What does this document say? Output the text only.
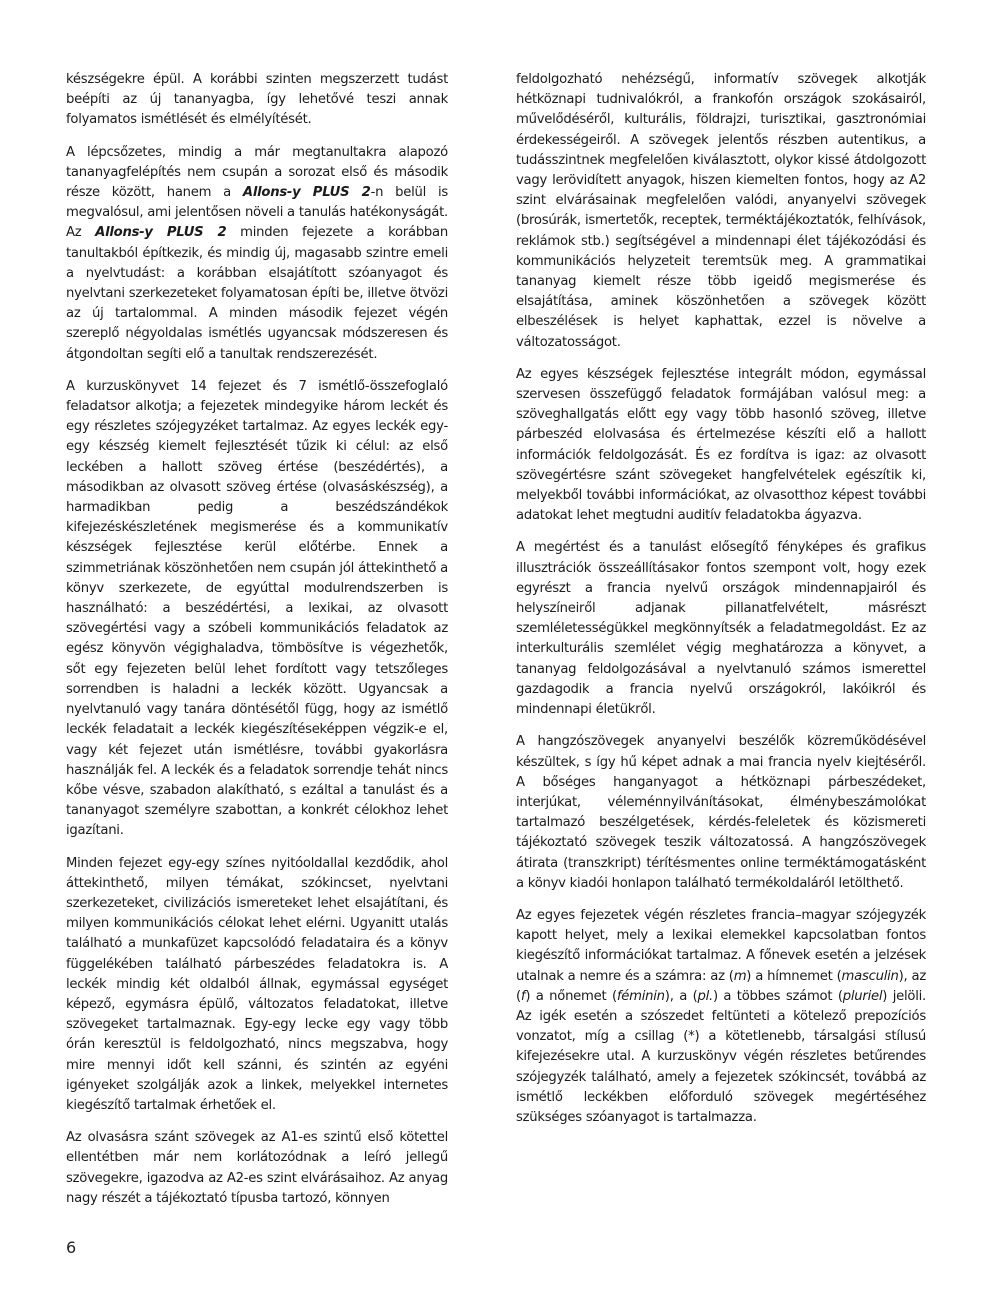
készségekre épül. A korábbi szinten megszerzett tudást beépíti az új tananyagba, így lehetővé teszi annak folyamatos ismétlését és elmélyítését.

A lépcsőzetes, mindig a már megtanultakra alapozó tananyagfelépítés nem csupán a sorozat első és második része között, hanem a Allons-y PLUS 2-n belül is megvalósul, ami jelentősen növeli a tanulás hatékonyságát. Az Allons-y PLUS 2 minden fejezete a korábban tanultakból építkezik, és mindig új, magasabb szintre emeli a nyelvtudást: a korábban elsajátított szóanyagot és nyelvtani szerkezeteket folyamatosan építi be, illetve ötvözi az új tartalommal. A minden második fejezet végén szereplő négyoldalas ismétlés ugyancsak módszeresen és átgondoltan segíti elő a tanultak rendszerezését.

A kurzuskönyvet 14 fejezet és 7 ismétlő-összefoglaló feladatsor alkotja; a fejezetek mindegyike három leckét és egy részletes szójegyzéket tartalmaz. Az egyes leckék egy-egy készség kiemelt fejlesztését tűzik ki célul: az első leckében a hallott szöveg értése (beszédértés), a másodikban az olvasott szöveg értése (olvasáskészség), a harmadikban pedig a beszédszándékok kifejezéskészletének megismerése és a kommunikatív készségek fejlesztése kerül előtérbe. Ennek a szimmetriának köszönhetően nem csupán jól áttekinthető a könyv szerkezete, de egyúttal modulrendszerben is használható: a beszédértési, a lexikai, az olvasott szövegértési vagy a szóbeli kommunikációs feladatok az egész könyvön végighaladva, tömbösítve is végezhetők, sőt egy fejezeten belül lehet fordított vagy tetszőleges sorrendben is haladni a leckék között. Ugyancsak a nyelvtanuló vagy tanára döntésétől függ, hogy az ismétlő leckék feladatait a leckék kiegészítéseképpen végzik-e el, vagy két fejezet után ismétlésre, további gyakorlásra használják fel. A leckék és a feladatok sorrendje tehát nincs kőbe vésve, szabadon alakítható, s ezáltal a tanulást és a tananyagot személyre szabottan, a konkrét célokhoz lehet igazítani.

Minden fejezet egy-egy színes nyitóoldallal kezdődik, ahol áttekinthető, milyen témákat, szókincset, nyelvtani szerkezeteket, civilizációs ismereteket lehet elsajátítani, és milyen kommunikációs célokat lehet elérni. Ugyanitt utalás található a munkafüzet kapcsolódó feladataira és a könyv függelékében található párbeszédes feladatokra is. A leckék mindig két oldalból állnak, egymással egységet képező, egymásra épülő, változatos feladatokat, illetve szövegeket tartalmaznak. Egy-egy lecke egy vagy több órán keresztül is feldolgozható, nincs megszabva, hogy mire mennyi időt kell szánni, és szintén az egyéni igényeket szolgálják azok a linkek, melyekkel internetes kiegészítő tartalmak érhetőek el.

Az olvasásra szánt szövegek az A1-es szintű első kötettel ellentétben már nem korlátozódnak a leíró jellegű szövegekre, igazodva az A2-es szint elvárásaihoz. Az anyag nagy részét a tájékoztató típusba tartozó, könnyen

feldolgozható nehézségű, informatív szövegek alkotják hétköznapi tudnivalókról, a frankofón országok szokásairól, művelődéséről, kulturális, földrajzi, turisztikai, gasztronómiai érdekességeiről. A szövegek jelentős részben autentikus, a tudásszintnek megfelelően kiválasztott, olykor kissé átdolgozott vagy lerövidített anyagok, hiszen kiemelten fontos, hogy az A2 szint elvárásainak megfelelően valódi, anyanyelvi szövegek (brosúrák, ismertetők, receptek, terméktájékoztatók, felhívások, reklámok stb.) segítségével a mindennapi élet tájékozódási és kommunikációs helyzeteit teremtsük meg. A grammatikai tananyag kiemelt része több igeidő megismerése és elsajátítása, aminek köszönhetően a szövegek között elbeszélések is helyet kaphattak, ezzel is növelve a változatosságot.

Az egyes készségek fejlesztése integrált módon, egymással szervesen összefüggő feladatok formájában valósul meg: a szöveghallgatás előtt egy vagy több hasonló szöveg, illetve párbeszéd elolvasása és értelmezése készíti elő a hallott információk feldolgozását. És ez fordítva is igaz: az olvasott szövegértésre szánt szövegeket hangfelvételek egészítik ki, melyekből további információkat, az olvasotthoz képest további adatokat lehet megtudni auditív feladatokba ágyazva.

A megértést és a tanulást elősegítő fényképes és grafikus illusztrációk összeállításakor fontos szempont volt, hogy ezek egyrészt a francia nyelvű országok mindennapjairól és helyszíneiről adjanak pillanatfelvételt, másrészt szemléletességükkel megkönnyítsék a feladatmegoldást. Ez az interkulturális szemlélet végig meghatározza a könyvet, a tananyag feldolgozásával a nyelvtanuló számos ismerettel gazdagodik a francia nyelvű országokról, lakóikról és mindennapi életükről.

A hangzószövegek anyanyelvi beszélők közreműködésével készültek, s így hű képet adnak a mai francia nyelv kiejtéséről. A bőséges hanganyagot a hétköznapi párbeszédeket, interjúkat, véleménnyilvánításokat, élménybeszámolókat tartalmazó beszélgetések, kérdés-feleletek és közismereti tájékoztató szövegek teszik változatossá. A hangzószövegek átirata (transzkript) térítésmentes online terméktámogatásként a könyv kiadói honlapon található termékoldaláról letölthető.

Az egyes fejezetek végén részletes francia–magyar szójegyzék kapott helyet, mely a lexikai elemekkel kapcsolatban fontos kiegészítő információkat tartalmaz. A főnevek esetén a jelzések utalnak a nemre és a számra: az (m) a hímnemet (masculin), az (f) a nőnemet (féminin), a (pl.) a többes számot (pluriel) jelöli. Az igék esetén a szószedet feltünteti a kötelező prepozíciós vonzatot, míg a csillag (*) a kötetlenebb, társalgási stílusú kifejezésekre utal. A kurzuskönyv végén részletes betűrendes szójegyzék található, amely a fejezetek szókincsét, továbbá az ismétlő leckékben előforduló szövegek megértéséhez szükséges szóanyagot is tartalmazza.

6
